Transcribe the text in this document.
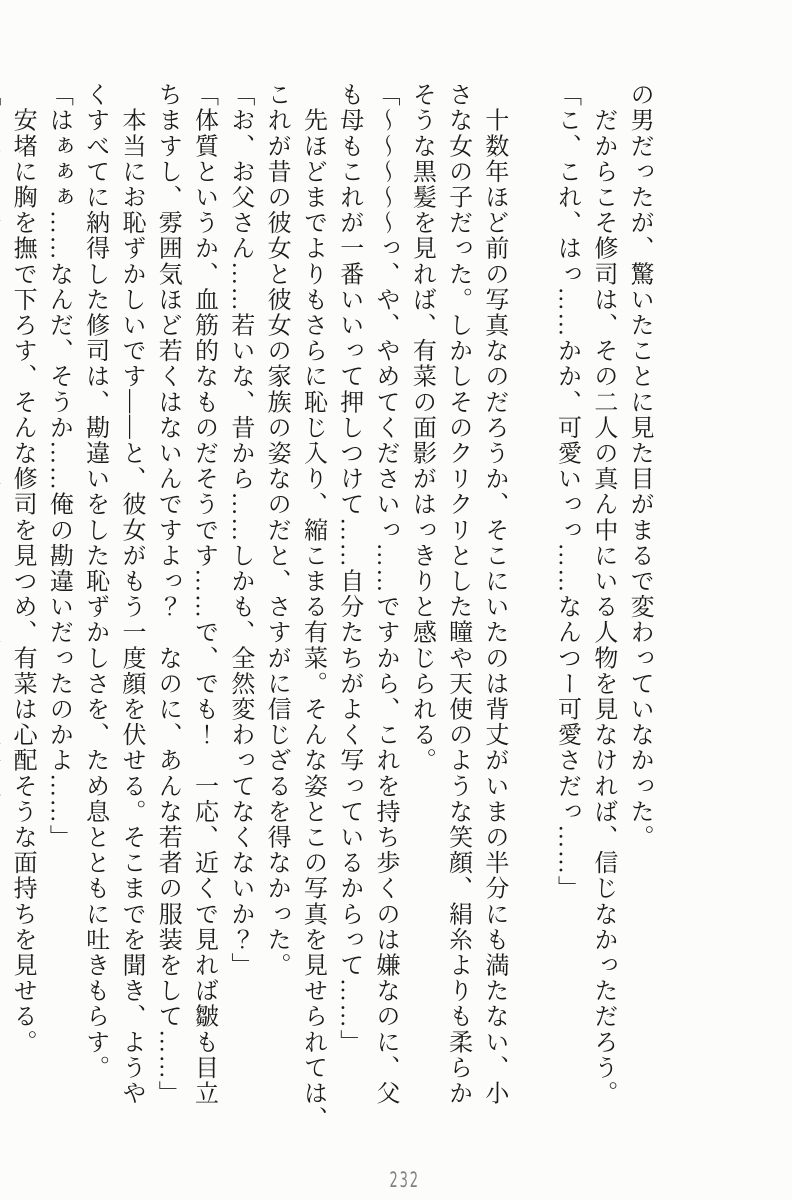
の男だったが、驚いたことに見た目がまるで変わっていなかった。
　だからこそ修司は、その二人の真ん中にいる人物を見なければ、信じなかっただろう。
「こ、これ、はっ……かか、可愛いっっ……なんつー可愛さだっ……」

　十数年ほど前の写真なのだろうか、そこにいたのは背丈がいまの半分にも満たない、小
さな女の子だった。しかしそのクリクリとした瞳や天使のような笑顔、絹糸よりも柔らか
そうな黒髪を見れば、有菜の面影がはっきりと感じられる。
「～～～～～っ、や、やめてくださいっ……ですから、これを持ち歩くのは嫌なのに、父
も母もこれが一番いいって押しつけて……自分たちがよく写っているからって……」
　先ほどまでよりもさらに恥じ入り、縮こまる有菜。そんな姿とこの写真を見せられては、
これが昔の彼女と彼女の家族の姿なのだと、さすがに信じざるを得なかった。
「お、お父さん……若いな、昔から……しかも、全然変わってなくないか？」
「体質というか、血筋的なものだそうです……で、でも！　一応、近くで見れば皺も目立
ちますし、雰囲気ほど若くはないんですよっ？　なのに、あんな若者の服装をして……」
　本当にお恥ずかしいです――と、彼女がもう一度顔を伏せる。そこまでを聞き、ようや
くすべてに納得した修司は、勘違いをした恥ずかしさを、ため息とともに吐きもらす。
「はぁぁぁ……なんだ、そうか……俺の勘違いだったのかよ……」
　安堵に胸を撫で下ろす、そんな修司を見つめ、有菜は心配そうな面持ちを見せる。
232
